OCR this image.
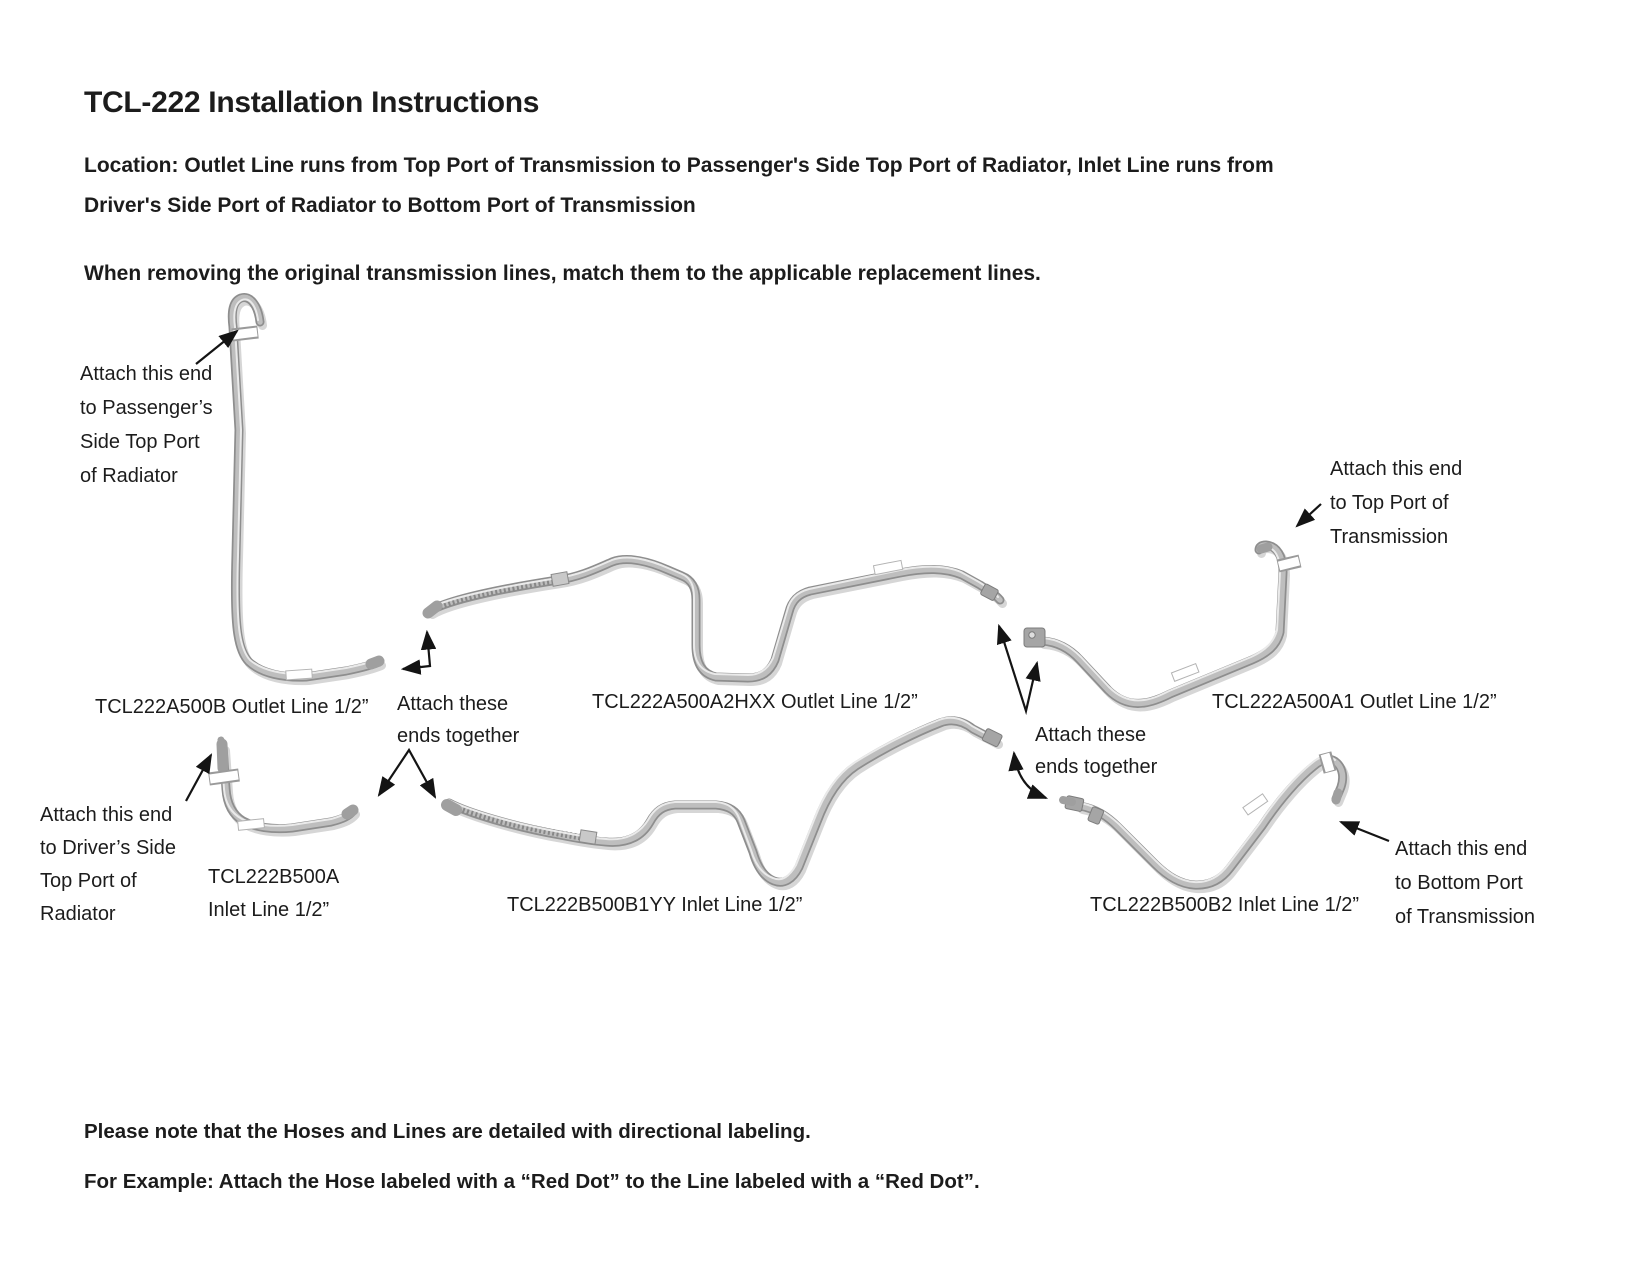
TCL-222 Installation Instructions
Location: Outlet Line runs from Top Port of Transmission to Passenger's Side Top Port of Radiator, Inlet Line runs from
Driver's Side Port of Radiator to Bottom Port of Transmission
When removing the original transmission lines, match them to the applicable replacement lines.
Attach this end
to Passenger’s
Side Top Port
of Radiator
Attach these
ends together
Attach this end
to Top Port of
Transmission
Attach this end
to Driver’s Side
Top Port of
Radiator
Attach these
ends together
Attach this end
to Bottom Port
of Transmission
TCL222A500B Outlet Line 1/2”	TCL222A500A2HXX Outlet Line 1/2”	TCL222A500A1 Outlet Line 1/2”
TCL222B500A
Inlet Line 1/2”	TCL222B500B1YY Inlet Line 1/2”	TCL222B500B2 Inlet Line 1/2”
Please note that the Hoses and Lines are detailed with directional labeling.
For Example: Attach the Hose labeled with a “Red Dot” to the Line labeled with a “Red Dot”.
